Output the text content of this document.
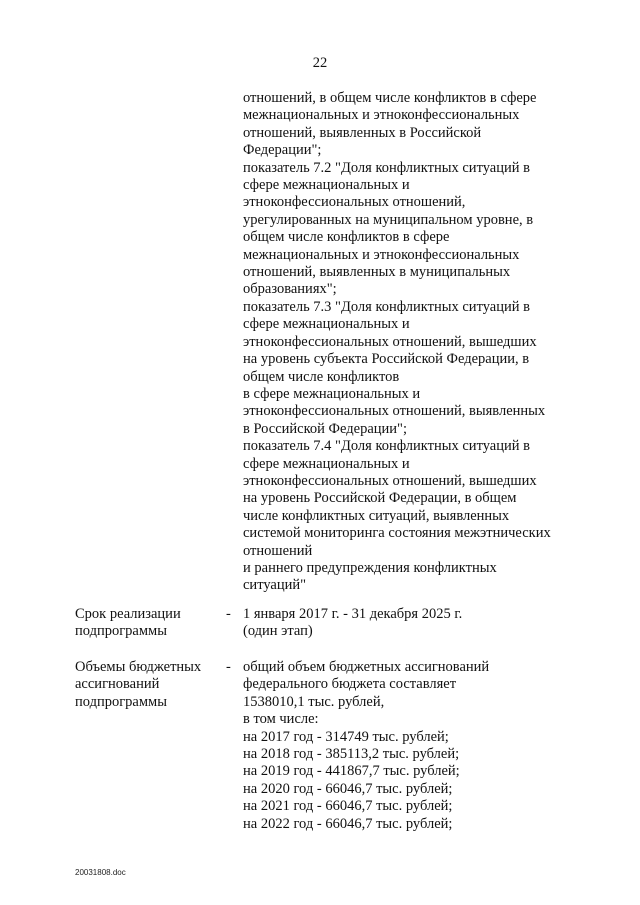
22
отношений, в общем числе конфликтов в сфере
межнациональных и этноконфессиональных
отношений, выявленных в Российской
Федерации";
показатель 7.2 "Доля конфликтных ситуаций в
сфере межнациональных и
этноконфессиональных отношений,
урегулированных на муниципальном уровне, в
общем числе конфликтов в сфере
межнациональных и этноконфессиональных
отношений, выявленных в муниципальных
образованиях";
показатель 7.3 "Доля конфликтных ситуаций в
сфере межнациональных и
этноконфессиональных отношений, вышедших
на уровень субъекта Российской Федерации, в
общем числе конфликтов
в сфере межнациональных и
этноконфессиональных отношений, выявленных
в Российской Федерации";
показатель 7.4 "Доля конфликтных ситуаций в
сфере межнациональных и
этноконфессиональных отношений, вышедших
на уровень Российской Федерации, в общем
числе конфликтных ситуаций, выявленных
системой мониторинга состояния межэтнических
отношений
и раннего предупреждения конфликтных
ситуаций"
Срок реализации
подпрограммы
- 1 января 2017 г. - 31 декабря 2025 г.
(один этап)
Объемы бюджетных
ассигнований
подпрограммы
- общий объем бюджетных ассигнований
федерального бюджета составляет
1538010,1 тыс. рублей,
в том числе:
на 2017 год - 314749 тыс. рублей;
на 2018 год - 385113,2 тыс. рублей;
на 2019 год - 441867,7 тыс. рублей;
на 2020 год - 66046,7 тыс. рублей;
на 2021 год - 66046,7 тыс. рублей;
на 2022 год - 66046,7 тыс. рублей;
20031808.doc
